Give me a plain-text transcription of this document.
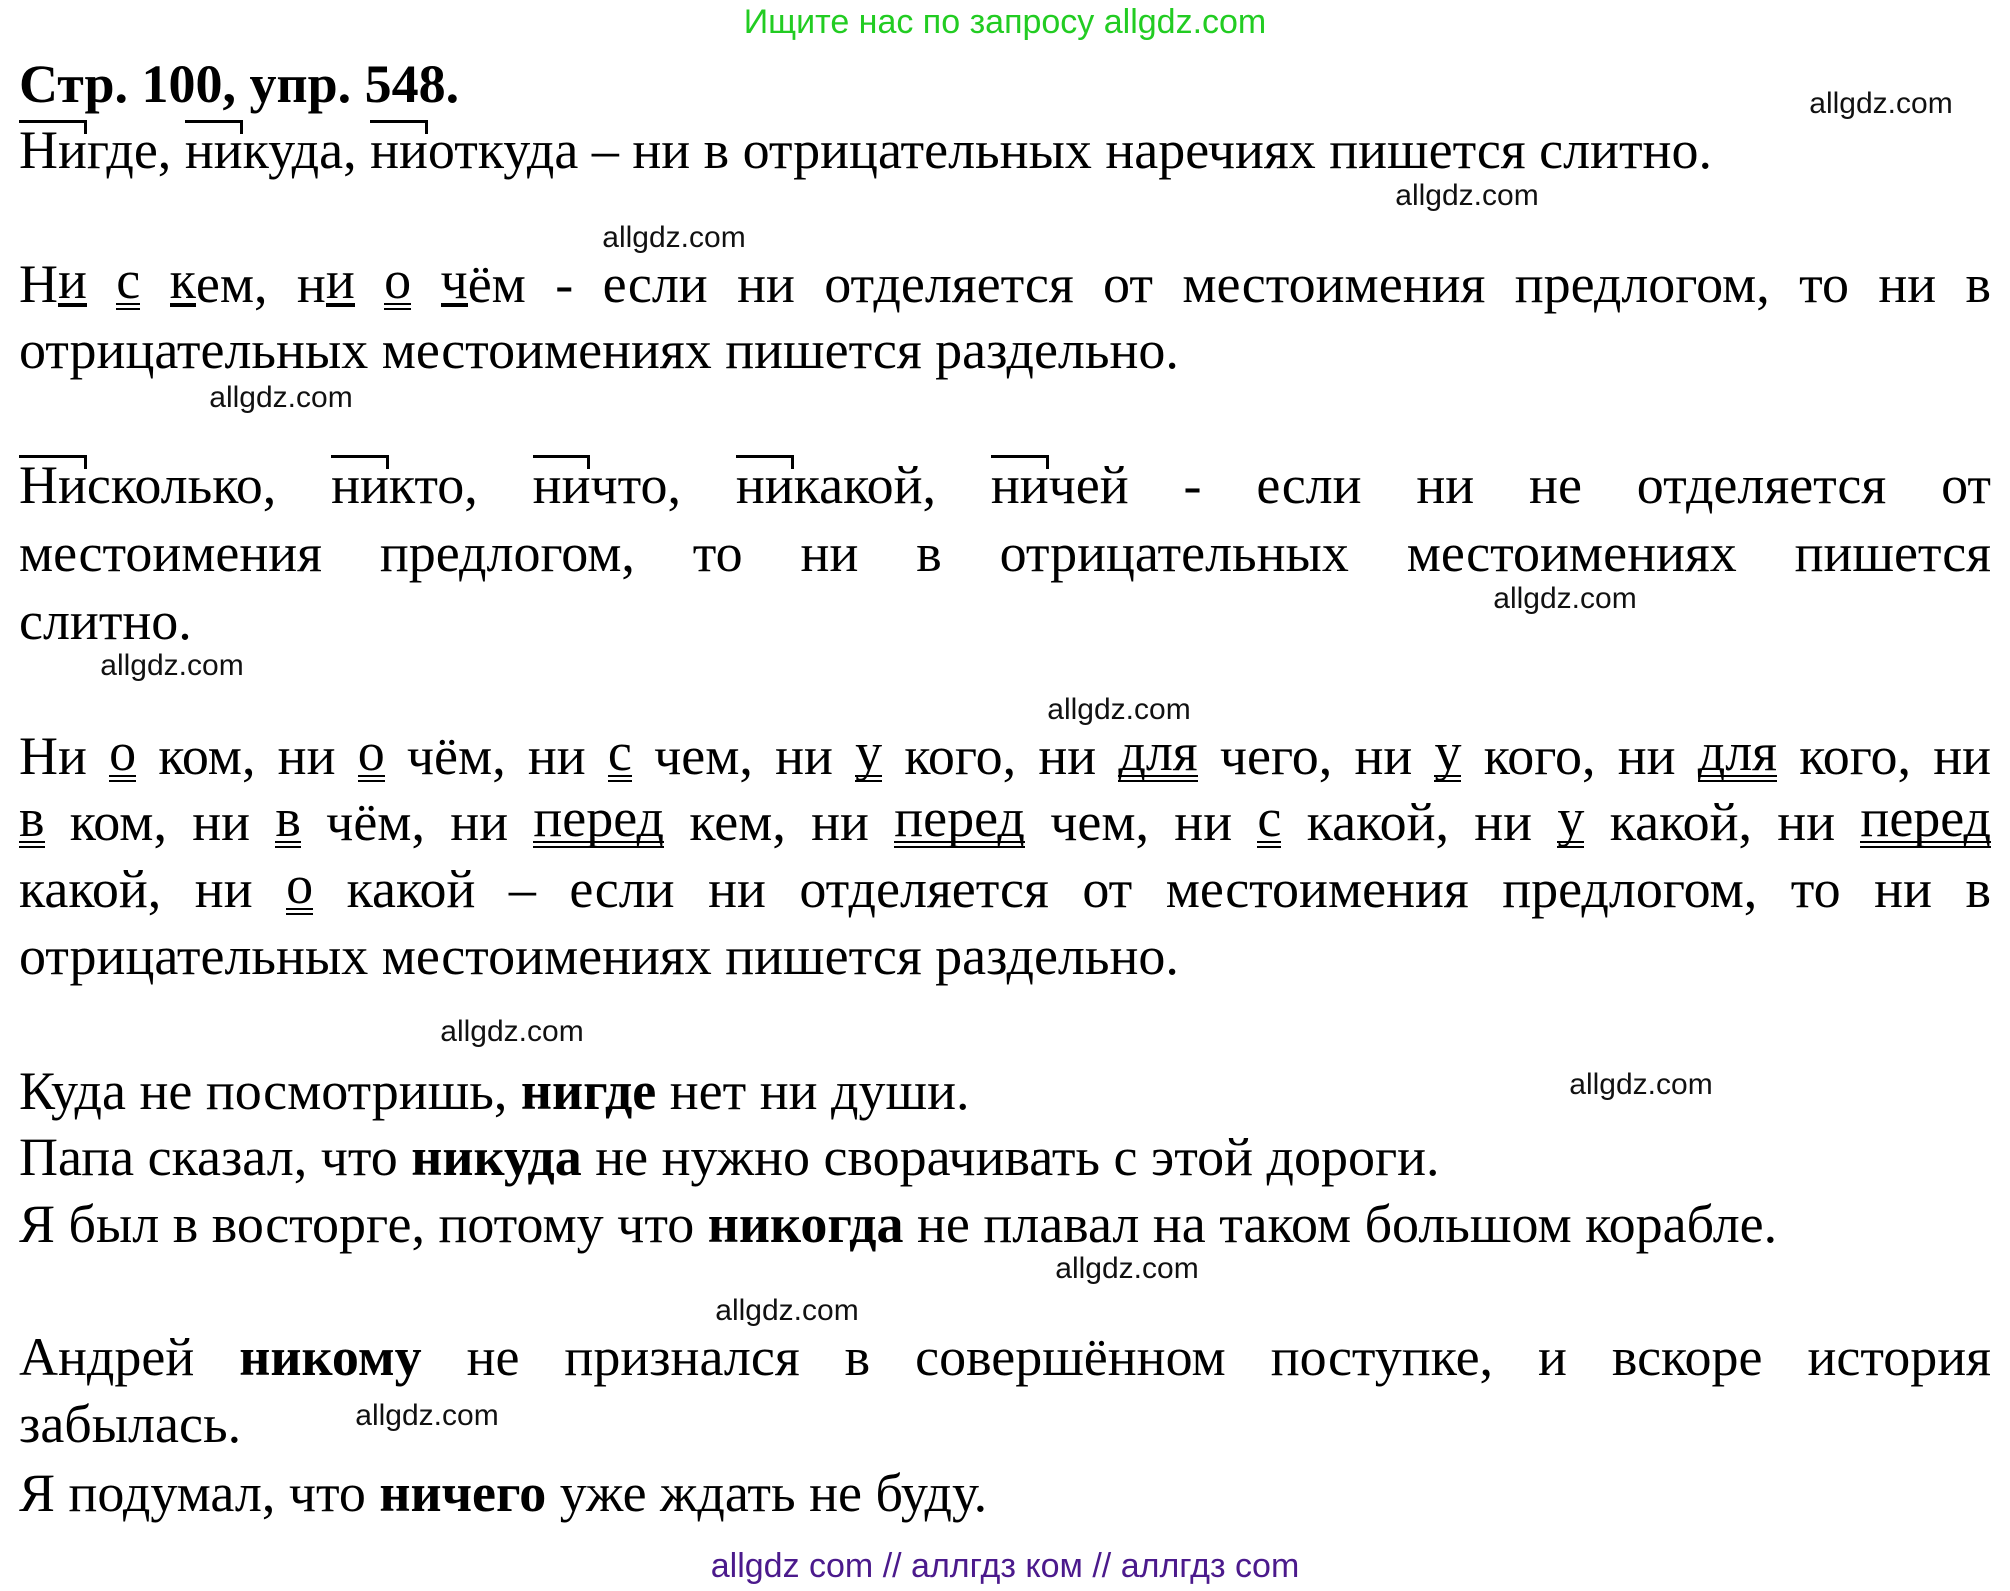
Ищите нас по запросу allgdz.com
Стр. 100, упр. 548.
Нигде, никуда, ниоткуда – ни в отрицательных наречиях пишется слитно.
Ни с кем, ни о чём - если ни отделяется от местоимения предлогом, то ни в
отрицательных местоимениях пишется раздельно.
Нисколько, никто, ничто, никакой, ничей - если ни не отделяется от
местоимения предлогом, то ни в отрицательных местоимениях пишется
слитно.
Ни о ком, ни о чём, ни с чем, ни у кого, ни для чего, ни у кого, ни для кого, ни
в ком, ни в чём, ни перед кем, ни перед чем, ни с какой, ни у какой, ни перед
какой, ни о какой – если ни отделяется от местоимения предлогом, то ни в
отрицательных местоимениях пишется раздельно.
Куда не посмотришь, нигде нет ни души.
Папа сказал, что никуда не нужно сворачивать с этой дороги.
Я был в восторге, потому что никогда не плавал на таком большом корабле.
Андрей никому не признался в совершённом поступке, и вскоре история
забылась.
Я подумал, что ничего уже ждать не буду.
allgdz.com
allgdz.com
allgdz.com
allgdz.com
allgdz.com
allgdz.com
allgdz.com
allgdz.com
allgdz.com
allgdz.com
allgdz.com
allgdz.com
allgdz com // аллгдз ком // аллгдз com
